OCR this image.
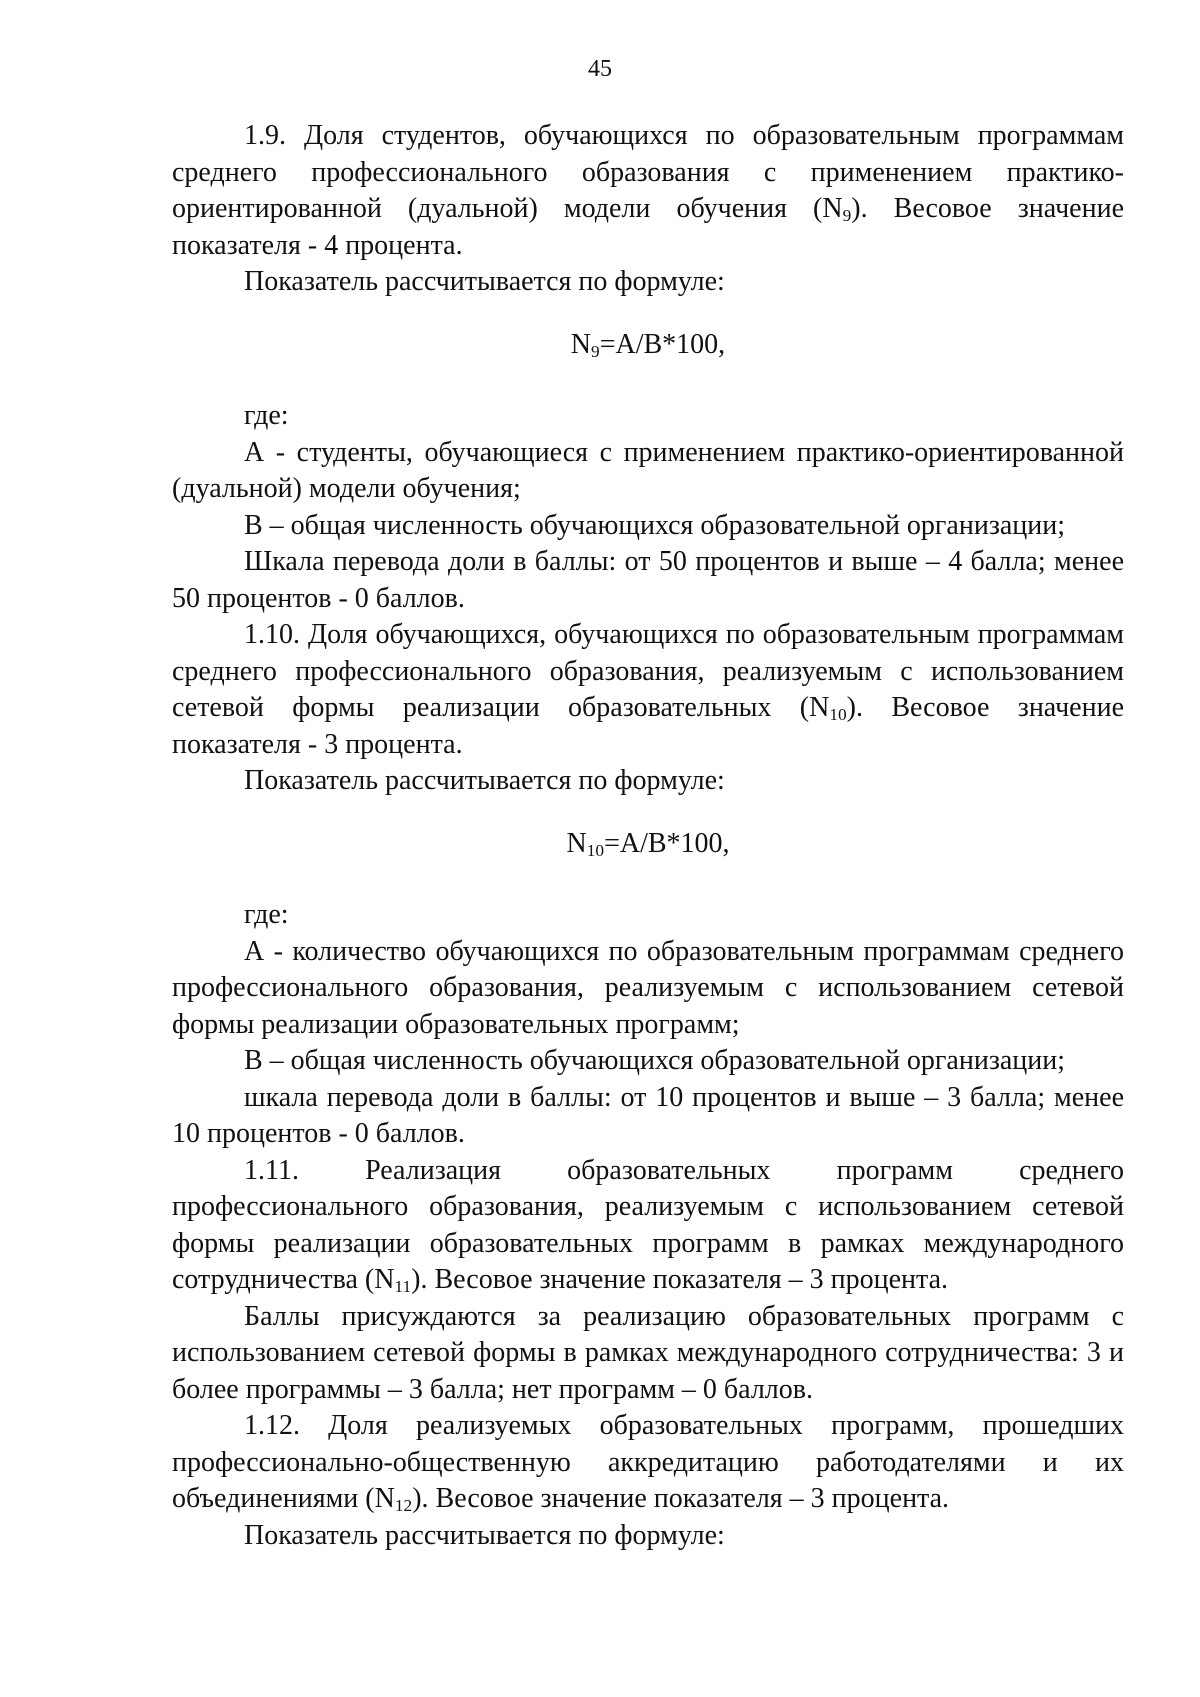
45

1.9. Доля студентов, обучающихся по образовательным программам среднего профессионального образования с применением практико-ориентированной (дуальной) модели обучения $(N_9)$. Весовое значение показателя - 4 процента.

Показатель рассчитывается по формуле:

$N_9=A/B*100$,

где:

А - студенты, обучающиеся с применением практико-ориентированной (дуальной) модели обучения;

В – общая численность обучающихся образовательной организации;

Шкала перевода доли в баллы: от 50 процентов и выше – 4 балла; менее 50 процентов - 0 баллов.

1.10. Доля обучающихся, обучающихся по образовательным программам среднего профессионального образования, реализуемым с использованием сетевой формы реализации образовательных $(N_{10})$. Весовое значение показателя - 3 процента.

Показатель рассчитывается по формуле:

$N_{10}=A/B*100$,

где:

А - количество обучающихся по образовательным программам среднего профессионального образования, реализуемым с использованием сетевой формы реализации образовательных программ;

В – общая численность обучающихся образовательной организации;

шкала перевода доли в баллы: от 10 процентов и выше – 3 балла; менее 10 процентов - 0 баллов.

1.11. Реализация образовательных программ среднего профессионального образования, реализуемым с использованием сетевой формы реализации образовательных программ в рамках международного сотрудничества $(N_{11})$. Весовое значение показателя – 3 процента.

Баллы присуждаются за реализацию образовательных программ с использованием сетевой формы в рамках международного сотрудничества: 3 и более программы – 3 балла; нет программ – 0 баллов.

1.12. Доля реализуемых образовательных программ, прошедших профессионально-общественную аккредитацию работодателями и их объединениями $(N_{12})$. Весовое значение показателя – 3 процента.

Показатель рассчитывается по формуле:
